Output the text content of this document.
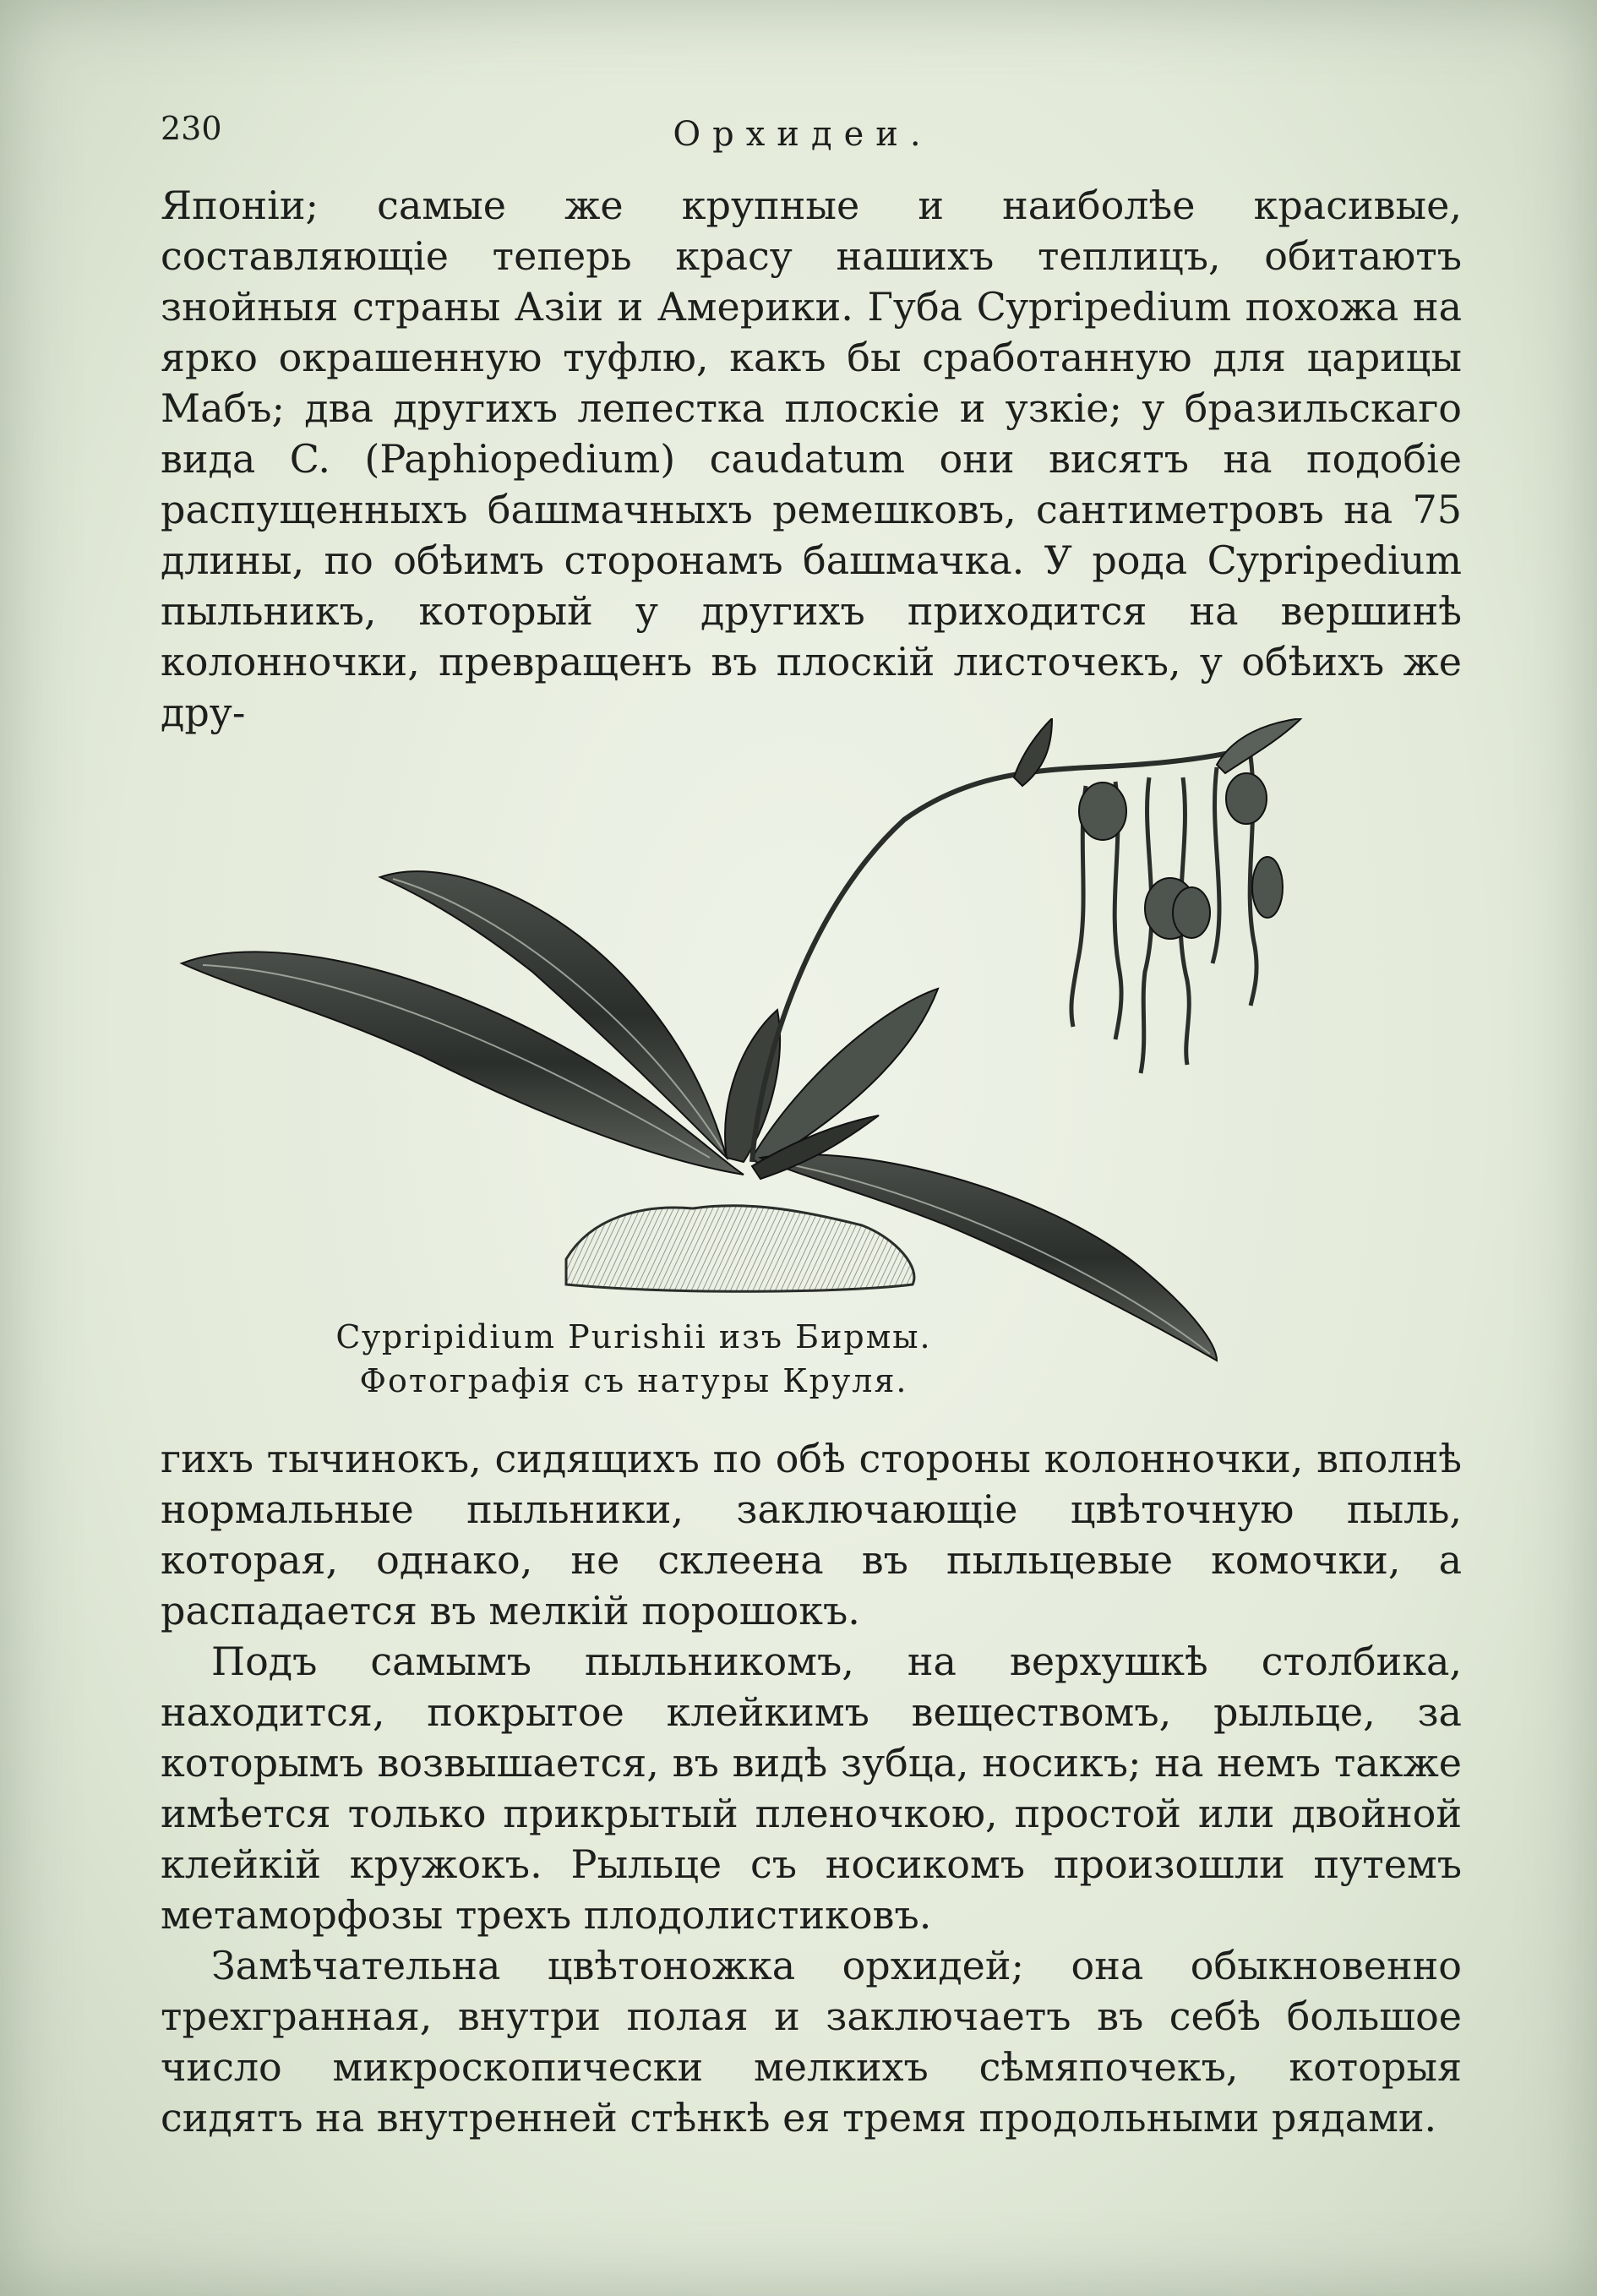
230	Орхидеи.

Японіи; самые же крупные и наиболѣе красивые, составляющіе теперь красу нашихъ теплицъ, обитаютъ знойныя страны Азіи и Америки. Губа Cypripedium похожа на ярко окрашенную туфлю, какъ бы сработанную для царицы Мабъ; два другихъ лепестка плоскіе и узкіе; у бразильскаго вида C. (Paphiopedium) caudatum они висятъ на подобіе распущенныхъ башмачныхъ ремешковъ, сантиметровъ на 75 длины, по обѣимъ сторонамъ башмачка. У рода Cypripedium пыльникъ, который у другихъ приходится на вершинѣ колонночки, превращенъ въ плоскій листочекъ, у обѣихъ же дру-

Cypripidium Purishii изъ Бирмы.
Фотографія съ натуры Круля.

гихъ тычинокъ, сидящихъ по обѣ стороны колонночки, вполнѣ нормальные пыльники, заключающіе цвѣточную пыль, которая, однако, не склеена въ пыльцевые комочки, а распадается въ мелкій порошокъ.

Подъ самымъ пыльникомъ, на верхушкѣ столбика, находится, покрытое клейкимъ веществомъ, рыльце, за которымъ возвышается, въ видѣ зубца, носикъ; на немъ также имѣется только прикрытый пленочкою, простой или двойной клейкій кружокъ. Рыльце съ носикомъ произошли путемъ метаморфозы трехъ плодолистиковъ.

Замѣчательна цвѣтоножка орхидей; она обыкновенно трехгранная, внутри полая и заключаетъ въ себѣ большое число микроскопически мелкихъ сѣмяпочекъ, которыя сидятъ на внутренней стѣнкѣ ея тремя продольными рядами.
